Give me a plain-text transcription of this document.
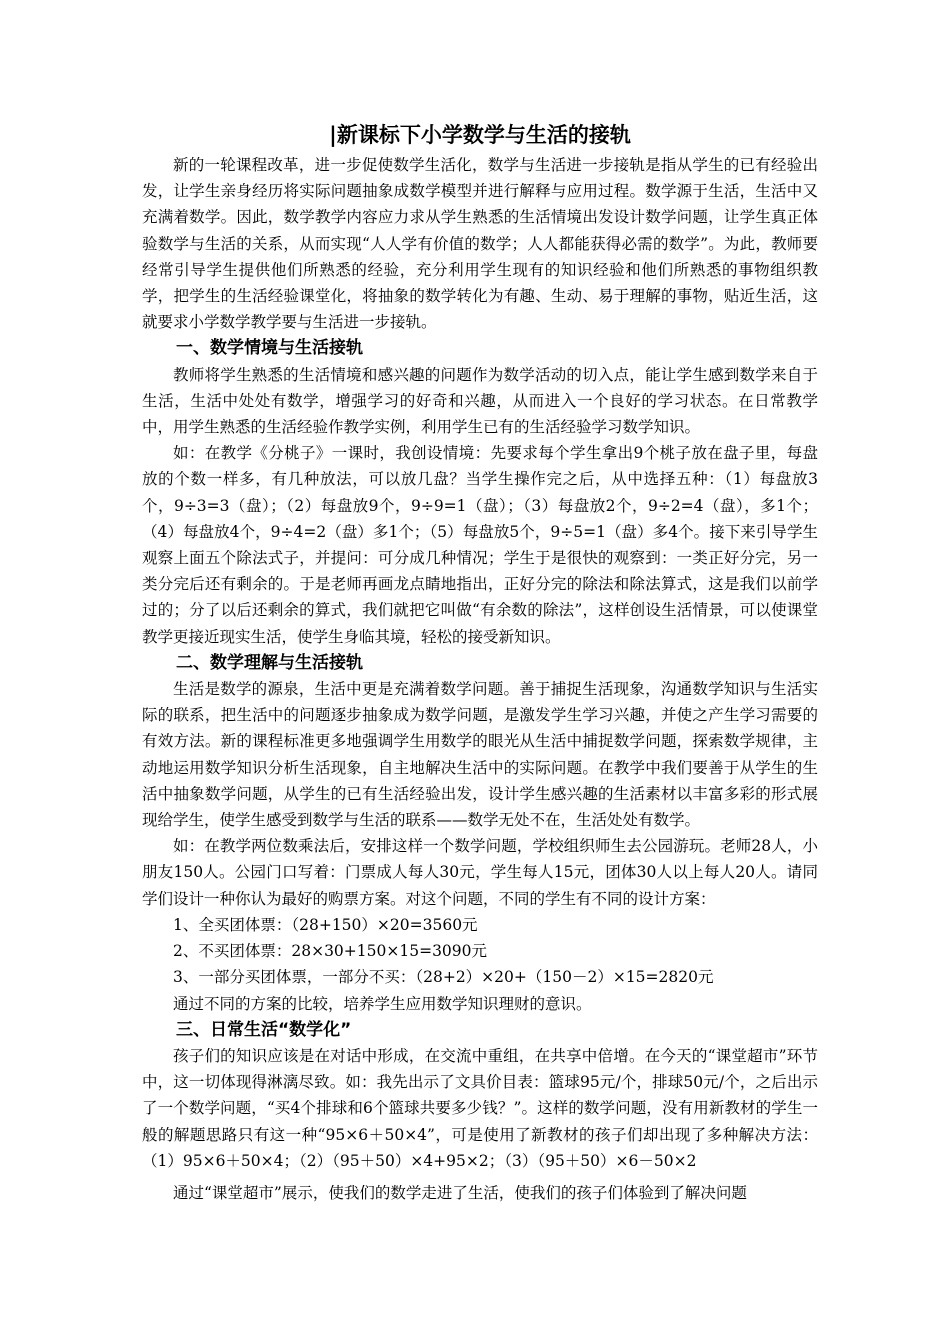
|新课标下小学数学与生活的接轨

新的一轮课程改革，进一步促使数学生活化，数学与生活进一步接轨是指从学生的已有经验出发，让学生亲身经历将实际问题抽象成数学模型并进行解释与应用过程。数学源于生活，生活中又充满着数学。因此，数学教学内容应力求从学生熟悉的生活情境出发设计数学问题，让学生真正体验数学与生活的关系，从而实现“人人学有价值的数学；人人都能获得必需的数学”。为此，教师要经常引导学生提供他们所熟悉的经验，充分利用学生现有的知识经验和他们所熟悉的事物组织教学，把学生的生活经验课堂化，将抽象的数学转化为有趣、生动、易于理解的事物，贴近生活，这就要求小学数学教学要与生活进一步接轨。

一、数学情境与生活接轨

教师将学生熟悉的生活情境和感兴趣的问题作为数学活动的切入点，能让学生感到数学来自于生活，生活中处处有数学，增强学习的好奇和兴趣，从而进入一个良好的学习状态。在日常教学中，用学生熟悉的生活经验作教学实例，利用学生已有的生活经验学习数学知识。

如：在教学《分桃子》一课时，我创设情境：先要求每个学生拿出9个桃子放在盘子里，每盘放的个数一样多，有几种放法，可以放几盘？当学生操作完之后，从中选择五种：（1）每盘放3个，9÷3=3（盘）；（2）每盘放9个，9÷9=1（盘）；（3）每盘放2个，9÷2=4（盘），多1个；（4）每盘放4个，9÷4=2（盘）多1个；（5）每盘放5个，9÷5=1（盘）多4个。接下来引导学生观察上面五个除法式子，并提问：可分成几种情况；学生于是很快的观察到：一类正好分完，另一类分完后还有剩余的。于是老师再画龙点睛地指出，正好分完的除法和除法算式，这是我们以前学过的；分了以后还剩余的算式，我们就把它叫做“有余数的除法”，这样创设生活情景，可以使课堂教学更接近现实生活，使学生身临其境，轻松的接受新知识。

二、数学理解与生活接轨

生活是数学的源泉，生活中更是充满着数学问题。善于捕捉生活现象，沟通数学知识与生活实际的联系，把生活中的问题逐步抽象成为数学问题，是激发学生学习兴趣，并使之产生学习需要的有效方法。新的课程标准更多地强调学生用数学的眼光从生活中捕捉数学问题，探索数学规律，主动地运用数学知识分析生活现象，自主地解决生活中的实际问题。在教学中我们要善于从学生的生活中抽象数学问题，从学生的已有生活经验出发，设计学生感兴趣的生活素材以丰富多彩的形式展现给学生，使学生感受到数学与生活的联系——数学无处不在，生活处处有数学。

如：在教学两位数乘法后，安排这样一个数学问题，学校组织师生去公园游玩。老师28人，小朋友150人。公园门口写着：门票成人每人30元，学生每人15元，团体30人以上每人20人。请同学们设计一种你认为最好的购票方案。对这个问题，不同的学生有不同的设计方案：

1、全买团体票：（28+150）×20=3560元

2、不买团体票：28×30+150×15=3090元

3、一部分买团体票，一部分不买：（28+2）×20+（150－2）×15=2820元

通过不同的方案的比较，培养学生应用数学知识理财的意识。

三、日常生活“数学化”

孩子们的知识应该是在对话中形成，在交流中重组，在共享中倍增。在今天的“课堂超市”环节中，这一切体现得淋漓尽致。如：我先出示了文具价目表：篮球95元/个，排球50元/个，之后出示了一个数学问题，“买4个排球和6个篮球共要多少钱？”。这样的数学问题，没有用新教材的学生一般的解题思路只有这一种“95×6＋50×4”，可是使用了新教材的孩子们却出现了多种解决方法：（1）95×6＋50×4；（2）（95＋50）×4+95×2；（3）（95＋50）×6－50×2

通过“课堂超市”展示，使我们的数学走进了生活，使我们的孩子们体验到了解决问题
